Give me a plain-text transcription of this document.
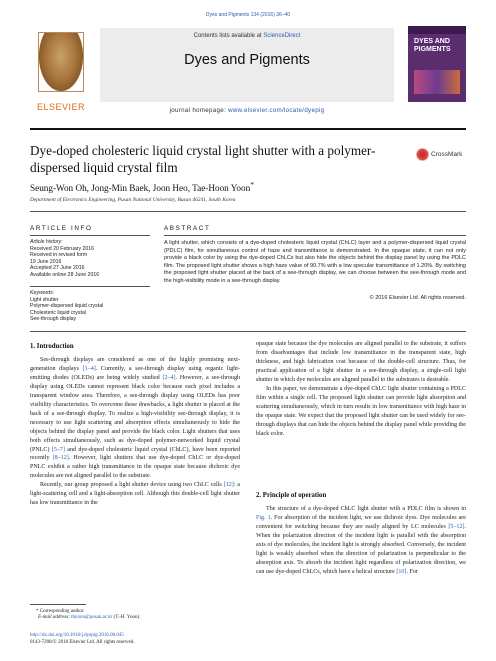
Dyes and Pigments 134 (2016) 36–40
ELSEVIER
Contents lists available at ScienceDirect
Dyes and Pigments
journal homepage: www.elsevier.com/locate/dyepig
DYES AND PIGMENTS
Dye-doped cholesteric liquid crystal light shutter with a polymer-dispersed liquid crystal film
CrossMark
Seung-Won Oh, Jong-Min Baek, Joon Heo, Tae-Hoon Yoon*
Department of Electronics Engineering, Pusan National University, Busan 46241, South Korea
ARTICLE INFO
Article history:
Received 20 February 2016
Received in revised form
19 June 2016
Accepted 27 June 2016
Available online 28 June 2016
Keywords:
Light shutter
Polymer-dispersed liquid crystal
Cholesteric liquid crystal
See-through display
ABSTRACT
A light shutter, which consists of a dye-doped cholesteric liquid crystal (ChLC) layer and a polymer-dispersed liquid crystal (PDLC) film, for simultaneous control of haze and transmittance is demonstrated. In the opaque state, it can not only provide a black color by using the dye-doped ChLCs but also hide the objects behind the display panel by using the PDLC film. The proposed light shutter shows a high haze value of 90.7% with a low specular transmittance of 1.20%. By switching the proposed light shutter placed at the back of a see-through display, we can choose between the see-through mode and the high-visibility mode in a see-through display.
© 2016 Elsevier Ltd. All rights reserved.
1. Introduction

See-through displays are considered as one of the highly promising next-generation displays [1–4]. Currently, a see-through display using organic light-emitting diodes (OLEDs) are being widely studied [2–4]. However, a see-through display using OLEDs cannot represent black color because each pixel includes a transparent window area. Therefore, a see-through display using OLEDs has poor visibility characteristics. To overcome these drawbacks, a light shutter is placed at the back of a see-through display. To realize a high-visibility see-through display, it is necessary to use light scattering and absorption effects simultaneously to hide the objects behind the display panel and provide the black color. Light shutters that uses both effects simultaneously, such as dye-doped polymer-networked liquid crystal (PNLC) [5–7] and dye-doped cholesteric liquid crystal (ChLC), have been reported recently [8–12]. However, light shutters that use dye-doped ChLC or dye-doped PNLC exhibit a rather high transmittance in the opaque state because dichroic dye molecules are not aligned parallel to the substrate.

Recently, our group proposed a light shutter device using two ChLC cells [12]: a light-scattering cell and a light-absorption cell. Although this double-cell light shutter has low transmittance in the

* Corresponding author.
E-mail address: thyoon@pusan.ac.kr (T.-H. Yoon).
http://dx.doi.org/10.1016/j.dyepig.2016.06.045
0143-7208/© 2016 Elsevier Ltd. All rights reserved.

opaque state because the dye molecules are aligned parallel to the substrate, it suffers from disadvantages that include low transmittance in the transparent state, high thickness, and high fabrication cost because of the double-cell structure. Thus, for practical application of a light shutter in a see-through display, a single-cell light shutter in which dye molecules are aligned parallel to the substrates is desirable.

In this paper, we demonstrate a dye-doped ChLC light shutter containing a PDLC film within a single cell. The proposed light shutter can provide light absorption and scattering simultaneously, which in turn results in low transmittance with high haze in the opaque state. We expect that the proposed light shutter can be used widely for see-through displays that can hide the objects behind the display panel while providing the black color.

2. Principle of operation

The structure of a dye-doped ChLC light shutter with a PDLC film is shown in Fig. 1. For absorption of the incident light, we use dichroic dyes. Dye molecules are convenient for switching because they are easily aligned by LC molecules [5–12]. When the polarization direction of the incident light is parallel with the absorption axis of dye molecules, the incident light is strongly absorbed. Conversely, the incident light is weakly absorbed when the direction of polarization is perpendicular to the absorption axis. To absorb the incident light regardless of polarization direction, we can use dye-doped ChLCs, which have a helical structure [10]. For
